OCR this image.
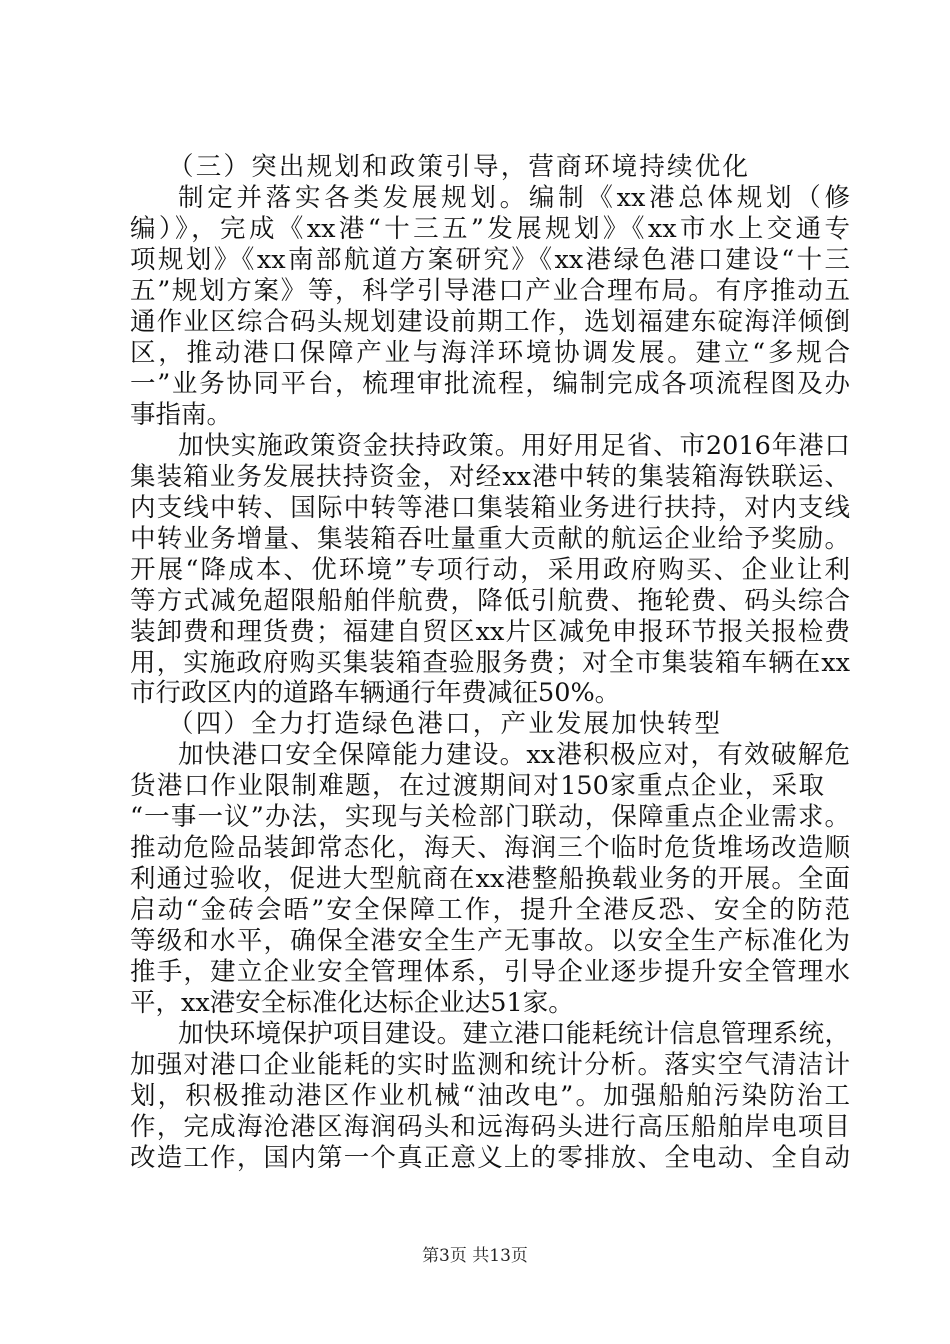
（三）突出规划和政策引导，营商环境持续优化
制定并落实各类发展规划。编制《xx港总体规划（修
编）》，完成《xx港“十三五”发展规划》《xx市水上交通专
项规划》《xx南部航道方案研究》《xx港绿色港口建设“十三
五”规划方案》等，科学引导港口产业合理布局。有序推动五
通作业区综合码头规划建设前期工作，选划福建东碇海洋倾倒
区，推动港口保障产业与海洋环境协调发展。建立“多规合
一”业务协同平台，梳理审批流程，编制完成各项流程图及办
事指南。
加快实施政策资金扶持政策。用好用足省、市2016年港口
集装箱业务发展扶持资金，对经xx港中转的集装箱海铁联运、
内支线中转、国际中转等港口集装箱业务进行扶持，对内支线
中转业务增量、集装箱吞吐量重大贡献的航运企业给予奖励。
开展“降成本、优环境”专项行动，采用政府购买、企业让利
等方式减免超限船舶伴航费，降低引航费、拖轮费、码头综合
装卸费和理货费；福建自贸区xx片区减免申报环节报关报检费
用，实施政府购买集装箱查验服务费；对全市集装箱车辆在xx
市行政区内的道路车辆通行年费减征50%。
（四）全力打造绿色港口，产业发展加快转型
加快港口安全保障能力建设。xx港积极应对，有效破解危
货港口作业限制难题，在过渡期间对150家重点企业，采取
“一事一议”办法，实现与关检部门联动，保障重点企业需求。
推动危险品装卸常态化，海天、海润三个临时危货堆场改造顺
利通过验收，促进大型航商在xx港整船换载业务的开展。全面
启动“金砖会晤”安全保障工作，提升全港反恐、安全的防范
等级和水平，确保全港安全生产无事故。以安全生产标准化为
推手，建立企业安全管理体系，引导企业逐步提升安全管理水
平，xx港安全标准化达标企业达51家。
加快环境保护项目建设。建立港口能耗统计信息管理系统，
加强对港口企业能耗的实时监测和统计分析。落实空气清洁计
划，积极推动港区作业机械“油改电”。加强船舶污染防治工
作，完成海沧港区海润码头和远海码头进行高压船舶岸电项目
改造工作，国内第一个真正意义上的零排放、全电动、全自动
第3页 共13页
